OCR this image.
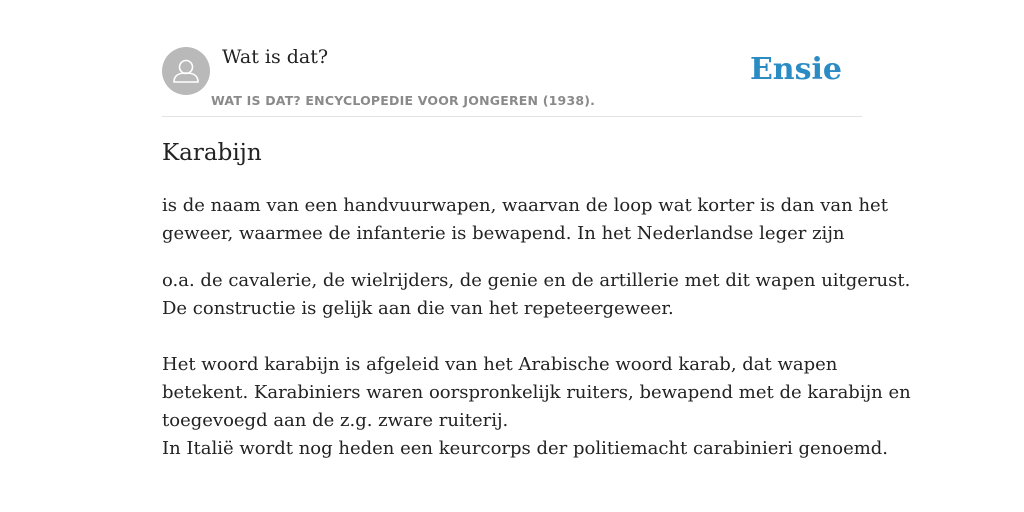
Wat is dat?
WAT IS DAT? ENCYCLOPEDIE VOOR JONGEREN (1938).
Ensie
Karabijn

is de naam van een handvuurwapen, waarvan de loop wat korter is dan van het

geweer, waarmee de infanterie is bewapend. In het Nederlandse leger zijn

o.a. de cavalerie, de wielrijders, de genie en de artillerie met dit wapen uitgerust.

De constructie is gelijk aan die van het repeteergeweer.

Het woord karabijn is afgeleid van het Arabische woord karab, dat wapen

betekent. Karabiniers waren oorspronkelijk ruiters, bewapend met de karabijn en

toegevoegd aan de z.g. zware ruiterij.

In Italië wordt nog heden een keurcorps der politiemacht carabinieri genoemd.
